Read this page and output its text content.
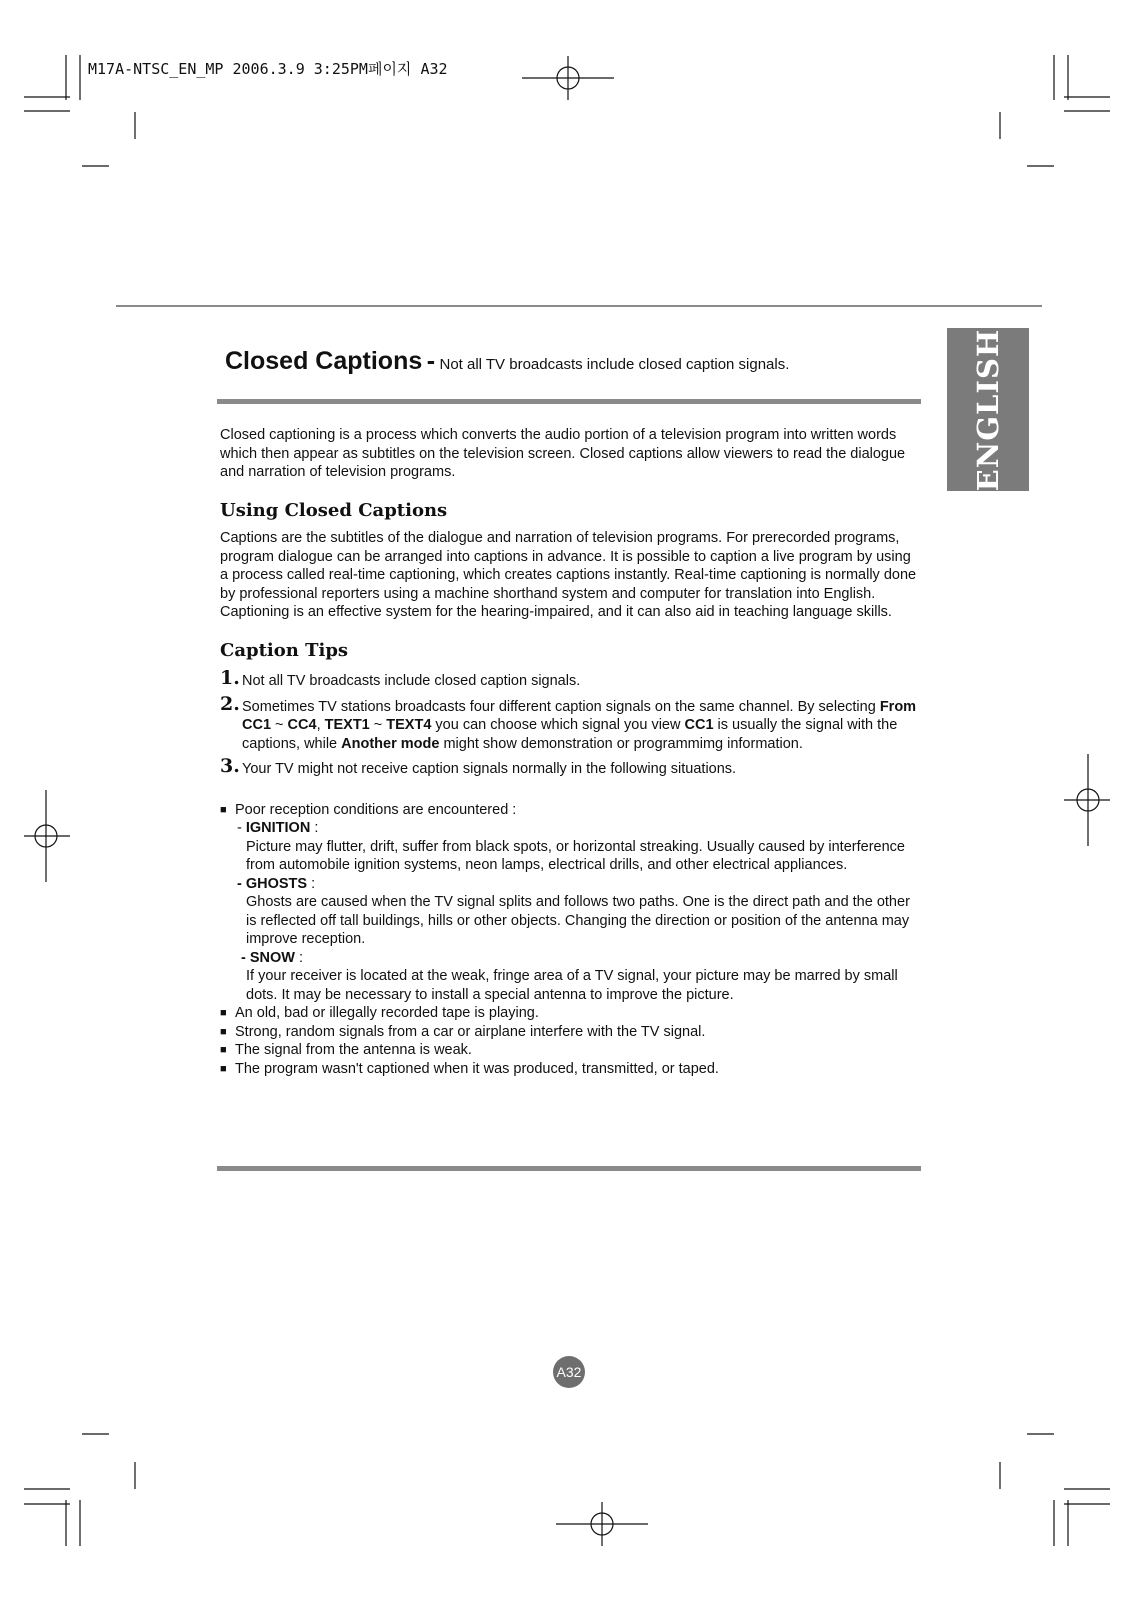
M17A-NTSC_EN_MP 2006.3.9 3:25PM페이지 A32
ENGLISH
Closed Captions - Not all TV broadcasts include closed caption signals.

Closed captioning is a process which converts the audio portion of a television program into written words which then appear as subtitles on the television screen. Closed captions allow viewers to read the dialogue and narration of television programs.

Using Closed Captions

Captions are the subtitles of the dialogue and narration of television programs. For prerecorded programs, program dialogue can be arranged into captions in advance. It is possible to caption a live program by using a process called real-time captioning, which creates captions instantly. Real-time captioning is normally done by professional reporters using a machine shorthand system and computer for translation into English.

Captioning is an effective system for the hearing-impaired, and it can also aid in teaching language skills.

Caption Tips
1. Not all TV broadcasts include closed caption signals.
2. Sometimes TV stations broadcasts four different caption signals on the same channel. By selecting From CC1 ~ CC4, TEXT1 ~ TEXT4 you can choose which signal you view CC1 is usually the signal with the captions, while Another mode might show demonstration or programmimg information.
3. Your TV might not receive caption signals normally in the following situations.
■ Poor reception conditions are encountered :
- IGNITION :
Picture may flutter, drift, suffer from black spots, or horizontal streaking. Usually caused by interference from automobile ignition systems, neon lamps, electrical drills, and other electrical appliances.
- GHOSTS :
Ghosts are caused when the TV signal splits and follows two paths. One is the direct path and the other is reflected off tall buildings, hills or other objects. Changing the direction or position of the antenna may improve reception.
- SNOW :
If your receiver is located at the weak, fringe area of a TV signal, your picture may be marred by small dots. It may be necessary to install a special antenna to improve the picture.
■ An old, bad or illegally recorded tape is playing.
■ Strong, random signals from a car or airplane interfere with the TV signal.
■ The signal from the antenna is weak.
■ The program wasn't captioned when it was produced, transmitted, or taped.
A32
